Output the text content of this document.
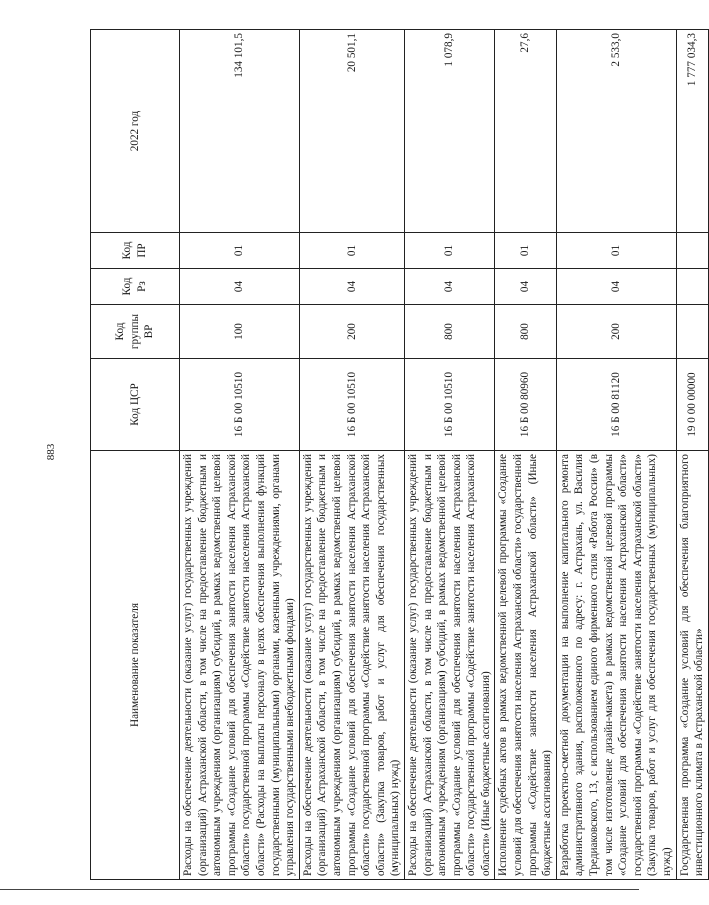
883
Наименование показателя	Код ЦСР	Код группы ВР	Код Рз	Код ПР	2022 год
Расходы на обеспечение деятельности (оказание услуг) государственных учреждений (организаций) Астраханской области, в том числе на предоставление бюджетным и автономным учреждениям (организациям) субсидий, в рамках ведомственной целевой программы «Создание условий для обеспечения занятости населения Астраханской области» государственной программы «Содействие занятости населения Астраханской области» (Расходы на выплаты персоналу в целях обеспечения выполнения функций государственными (муниципальными) органами, казенными учреждениями, органами управления государственными внебюджетными фондами)	16 Б 00 10510	100	04	01	134 101,5
Расходы на обеспечение деятельности (оказание услуг) государственных учреждений (организаций) Астраханской области, в том числе на предоставление бюджетным и автономным учреждениям (организациям) субсидий, в рамках ведомственной целевой программы «Создание условий для обеспечения занятости населения Астраханской области» государственной программы «Содействие занятости населения Астраханской области» (Закупка товаров, работ и услуг для обеспечения государственных (муниципальных) нужд)	16 Б 00 10510	200	04	01	20 501,1
Расходы на обеспечение деятельности (оказание услуг) государственных учреждений (организаций) Астраханской области, в том числе на предоставление бюджетным и автономным учреждениям (организациям) субсидий, в рамках ведомственной целевой программы «Создание условий для обеспечения занятости населения Астраханской области» государственной программы «Содействие занятости населения Астраханской области» (Иные бюджетные ассигнования)	16 Б 00 10510	800	04	01	1 078,9
Исполнение судебных актов в рамках ведомственной целевой программы «Создание условий для обеспечения занятости населения Астраханской области» государственной программы «Содействие занятости населения Астраханской области» (Иные бюджетные ассигнования)	16 Б 00 80960	800	04	01	27,6
Разработка проектно-сметной документации на выполнение капитального ремонта административного здания, расположенного по адресу: г. Астрахань, ул. Василия Тредиаковского, 13, с использованием единого фирменного стиля «Работа России» (в том числе изготовление дизайн-макета) в рамках ведомственной целевой программы «Создание условий для обеспечения занятости населения Астраханской области» государственной программы «Содействие занятости населения Астраханской области» (Закупка товаров, работ и услуг для обеспечения государственных (муниципальных) нужд)	16 Б 00 81120	200	04	01	2 533,0
Государственная программа «Создание условий для обеспечения благоприятного инвестиционного климата в Астраханской области»	19 0 00 00000				1 777 034,3
